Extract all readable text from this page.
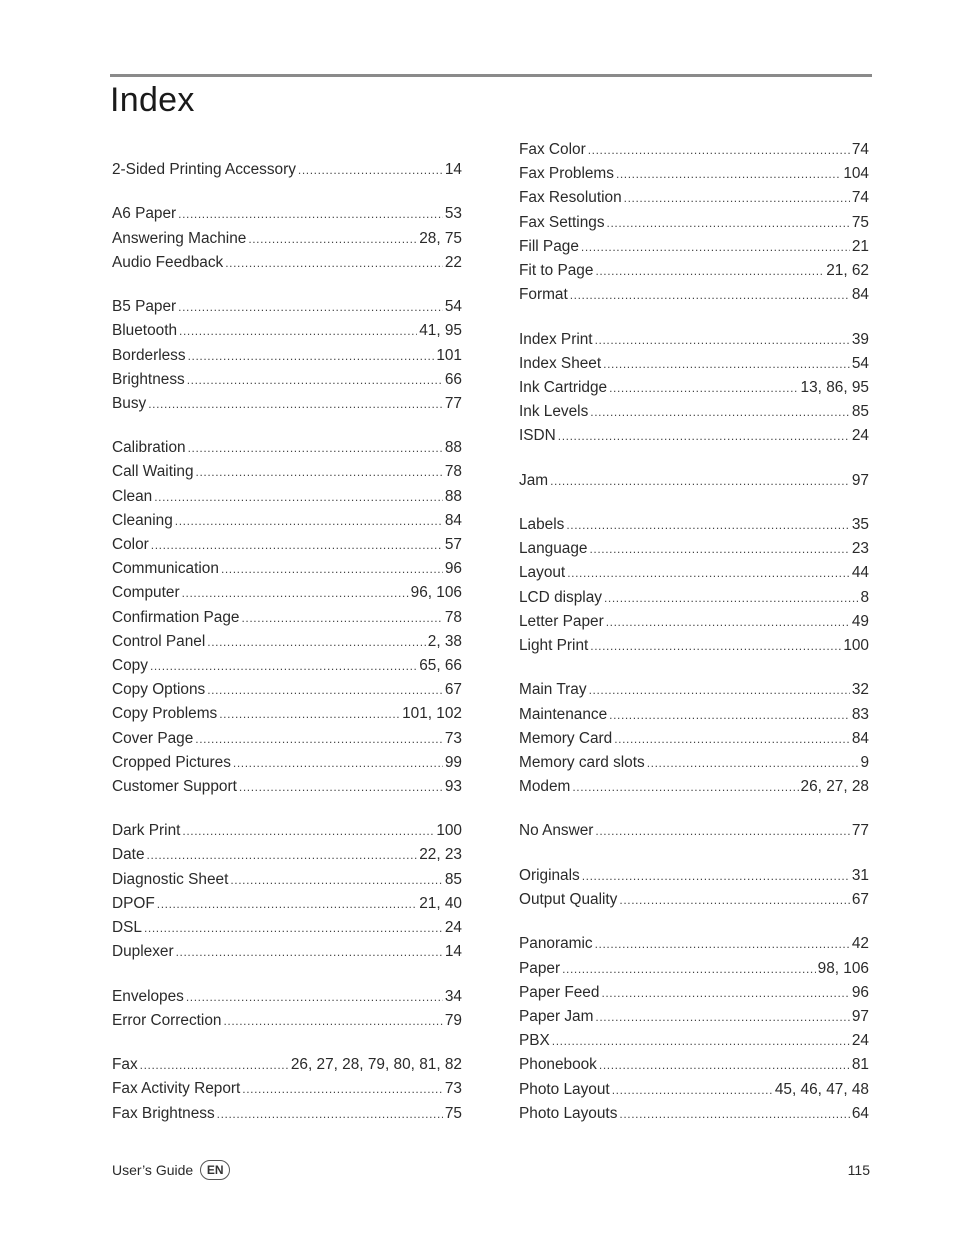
Index
2-Sided Printing Accessory .....	14
A6 Paper .....	53
Answering Machine .....	28, 75
Audio Feedback .....	22
B5 Paper .....	54
Bluetooth .....	41, 95
Borderless .....	101
Brightness .....	66
Busy .....	77
Calibration .....	88
Call Waiting .....	78
Clean .....	88
Cleaning .....	84
Color .....	57
Communication .....	96
Computer .....	96, 106
Confirmation Page .....	78
Control Panel .....	2, 38
Copy .....	65, 66
Copy Options .....	67
Copy Problems .....	101, 102
Cover Page .....	73
Cropped Pictures .....	99
Customer Support .....	93
Dark Print .....	100
Date .....	22, 23
Diagnostic Sheet .....	85
DPOF .....	21, 40
DSL .....	24
Duplexer .....	14
Envelopes .....	34
Error Correction .....	79
Fax .....	26, 27, 28, 79, 80, 81, 82
Fax Activity Report .....	73
Fax Brightness .....	75
Fax Color .....	74
Fax Problems .....	104
Fax Resolution .....	74
Fax Settings .....	75
Fill Page .....	21
Fit to Page .....	21, 62
Format .....	84
Index Print .....	39
Index Sheet .....	54
Ink Cartridge .....	13, 86, 95
Ink Levels .....	85
ISDN .....	24
Jam .....	97
Labels .....	35
Language .....	23
Layout .....	44
LCD display .....	8
Letter Paper .....	49
Light Print .....	100
Main Tray .....	32
Maintenance .....	83
Memory Card .....	84
Memory card slots .....	9
Modem .....	26, 27, 28
No Answer .....	77
Originals .....	31
Output Quality .....	67
Panoramic .....	42
Paper .....	98, 106
Paper Feed .....	96
Paper Jam .....	97
PBX .....	24
Phonebook .....	81
Photo Layout .....	45, 46, 47, 48
Photo Layouts .....	64
User’s Guide	EN	115
